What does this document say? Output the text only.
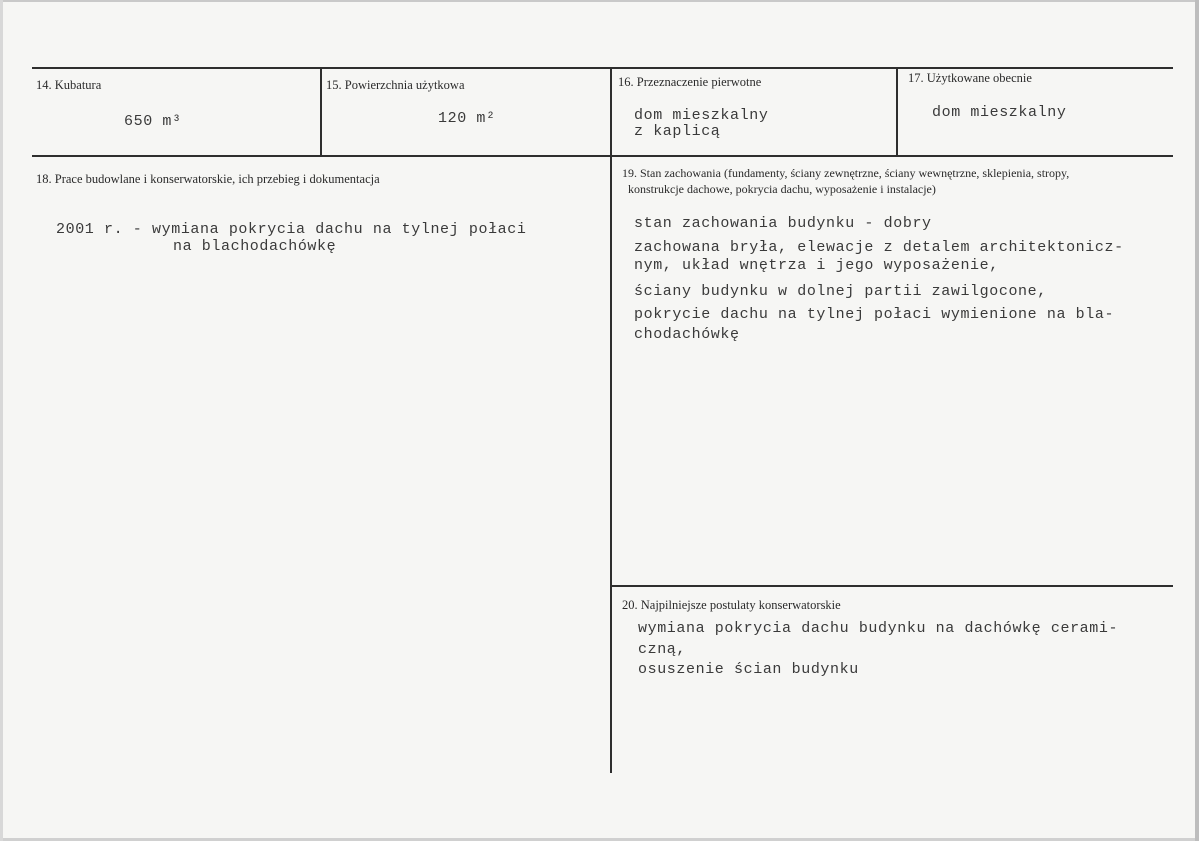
14. Kubatura
650 m³
15. Powierzchnia użytkowa
120 m²
16. Przeznaczenie pierwotne
dom mieszkalny
z kaplicą
17. Użytkowane obecnie
dom mieszkalny
18. Prace budowlane i konserwatorskie, ich przebieg i dokumentacja
2001 r. - wymiana pokrycia dachu na tylnej połaci
na blachodachówkę
19. Stan zachowania (fundamenty, ściany zewnętrzne, ściany wewnętrzne, sklepienia, stropy,
konstrukcje dachowe, pokrycia dachu, wyposażenie i instalacje)
stan zachowania budynku - dobry
zachowana bryła, elewacje z detalem architektonicz-
nym, układ wnętrza i jego wyposażenie,
ściany budynku w dolnej partii zawilgocone,
pokrycie dachu na tylnej połaci wymienione na bla-
chodachówkę
20. Najpilniejsze postulaty konserwatorskie
wymiana pokrycia dachu budynku na dachówkę cerami-
czną,
osuszenie ścian budynku
